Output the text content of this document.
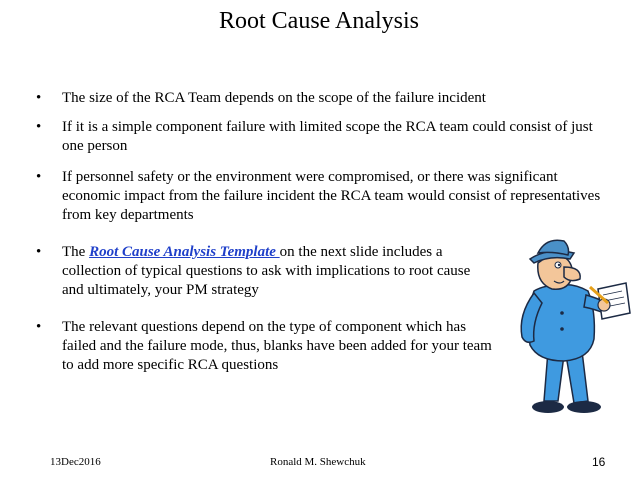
Root Cause Analysis
•	The size of the RCA Team depends on the scope of the failure incident
•	If it is a simple component failure with limited scope the RCA team could consist of just one person
•	If personnel safety or the environment were compromised, or there was significant economic impact from the failure incident the RCA team would consist of representatives from key departments
•	The Root Cause Analysis Template on the next slide includes a collection of typical questions to ask with implications to root cause and ultimately, your PM strategy
•	The relevant questions depend on the type of component which has failed and the failure mode, thus, blanks have been added for your team to add more specific RCA questions
13Dec2016	Ronald M. Shewchuk	16
